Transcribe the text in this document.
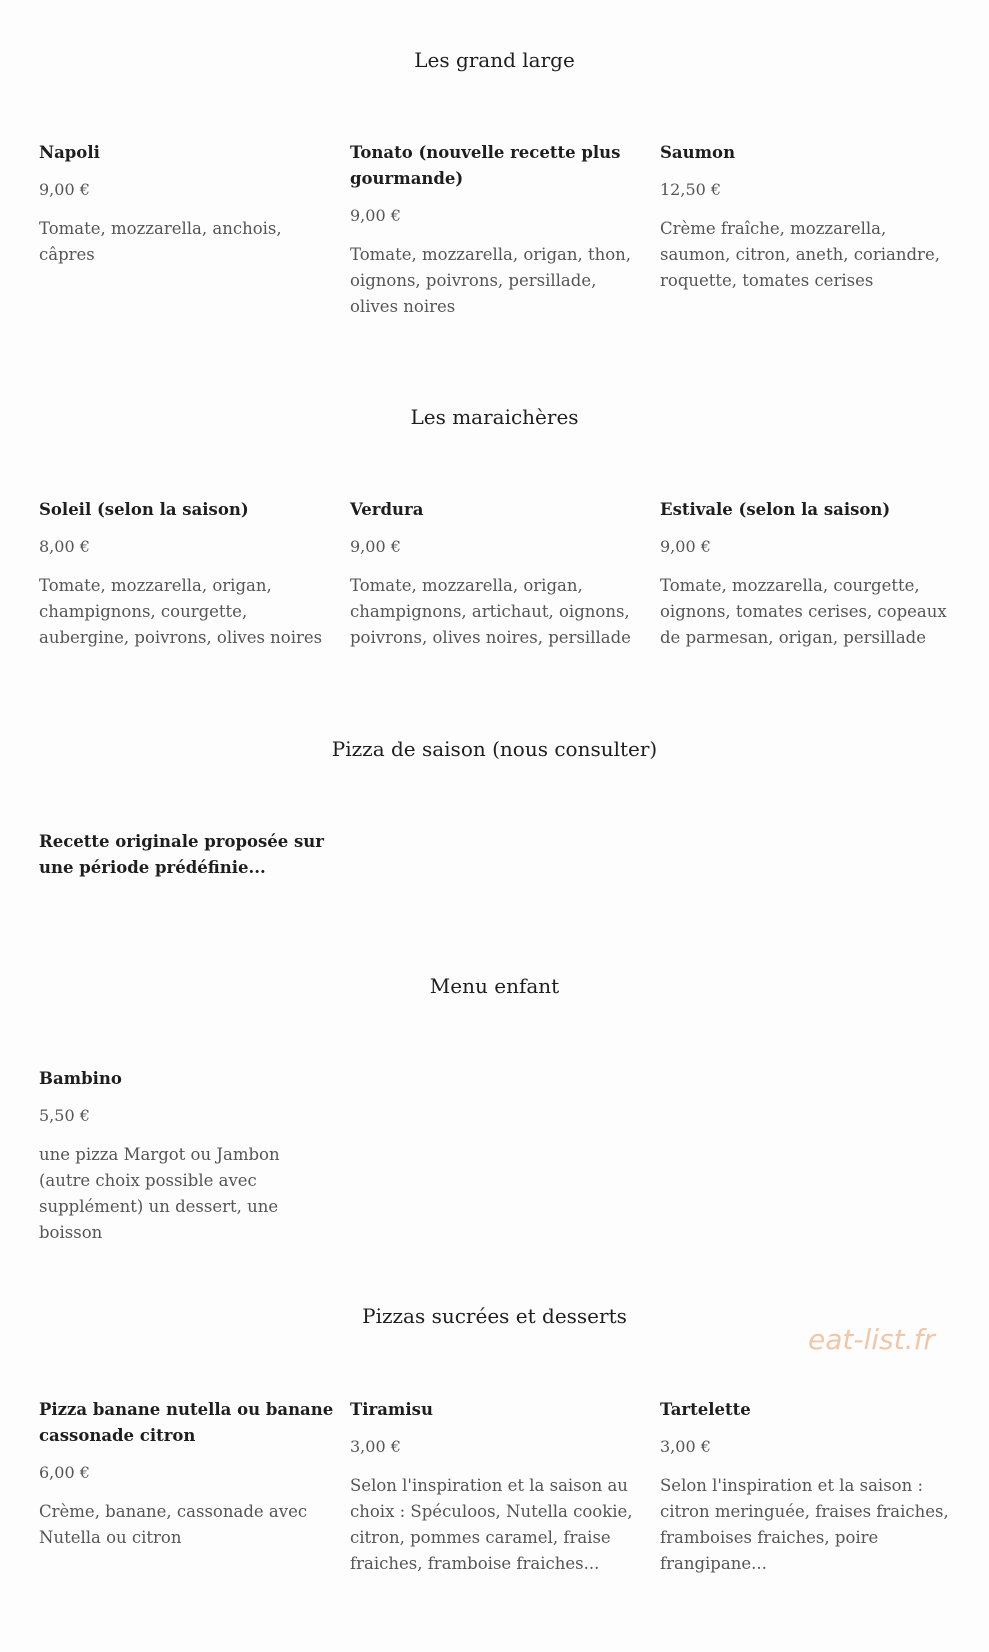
Les grand large

Napoli

9,00 €

Tomate, mozzarella, anchois, câpres

Tonato (nouvelle recette plus gourmande)

9,00 €

Tomate, mozzarella, origan, thon, oignons, poivrons, persillade, olives noires

Saumon

12,50 €

Crème fraîche, mozzarella, saumon, citron, aneth, coriandre, roquette, tomates cerises

Les maraichères

Soleil (selon la saison)

8,00 €

Tomate, mozzarella, origan, champignons, courgette, aubergine, poivrons, olives noires

Verdura

9,00 €

Tomate, mozzarella, origan, champignons, artichaut, oignons, poivrons, olives noires, persillade

Estivale (selon la saison)

9,00 €

Tomate, mozzarella, courgette, oignons, tomates cerises, copeaux de parmesan, origan, persillade

Pizza de saison (nous consulter)

Recette originale proposée sur une période prédéfinie...

Menu enfant

Bambino

5,50 €

une pizza Margot ou Jambon (autre choix possible avec supplément) un dessert, une boisson

Pizzas sucrées et desserts

Pizza banane nutella ou banane cassonade citron

6,00 €

Crème, banane, cassonade avec Nutella ou citron

Tiramisu

3,00 €

Selon l'inspiration et la saison au choix : Spéculoos, Nutella cookie, citron, pommes caramel, fraise fraiches, framboise fraiches...

Tartelette

3,00 €

Selon l'inspiration et la saison : citron meringuée, fraises fraiches, framboises fraiches, poire frangipane...

eat-list.fr
